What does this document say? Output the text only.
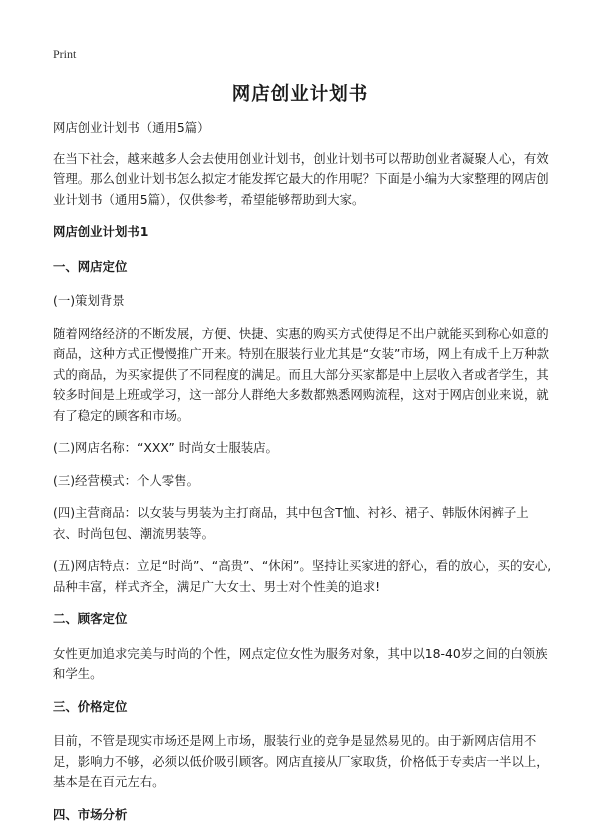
Print
网店创业计划书

网店创业计划书（通用5篇）

在当下社会，越来越多人会去使用创业计划书，创业计划书可以帮助创业者凝聚人心，有效管理。那么创业计划书怎么拟定才能发挥它最大的作用呢？下面是小编为大家整理的网店创业计划书（通用5篇），仅供参考，希望能够帮助到大家。

网店创业计划书1

一、网店定位

(一)策划背景

随着网络经济的不断发展，方便、快捷、实惠的购买方式使得足不出户就能买到称心如意的商品，这种方式正慢慢推广开来。特别在服装行业尤其是“女装”市场，网上有成千上万种款式的商品，为买家提供了不同程度的满足。而且大部分买家都是中上层收入者或者学生，其较多时间是上班或学习，这一部分人群绝大多数都熟悉网购流程，这对于网店创业来说，就有了稳定的顾客和市场。

(二)网店名称：“XXX” 时尚女士服装店。

(三)经营模式：个人零售。

(四)主营商品：以女装与男装为主打商品，其中包含T恤、衬衫、裙子、韩版休闲裤子上衣、时尚包包、潮流男装等。

(五)网店特点：立足“时尚”、“高贵”、“休闲”。坚持让买家进的舒心，看的放心，买的安心,品种丰富，样式齐全，满足广大女士、男士对个性美的追求!

二、顾客定位

女性更加追求完美与时尚的个性，网点定位女性为服务对象，其中以18-40岁之间的白领族和学生。

三、价格定位

目前，不管是现实市场还是网上市场，服装行业的竞争是显然易见的。由于新网店信用不足，影响力不够，必须以低价吸引顾客。网店直接从厂家取货，价格低于专卖店一半以上，基本是在百元左右。

四、市场分析
